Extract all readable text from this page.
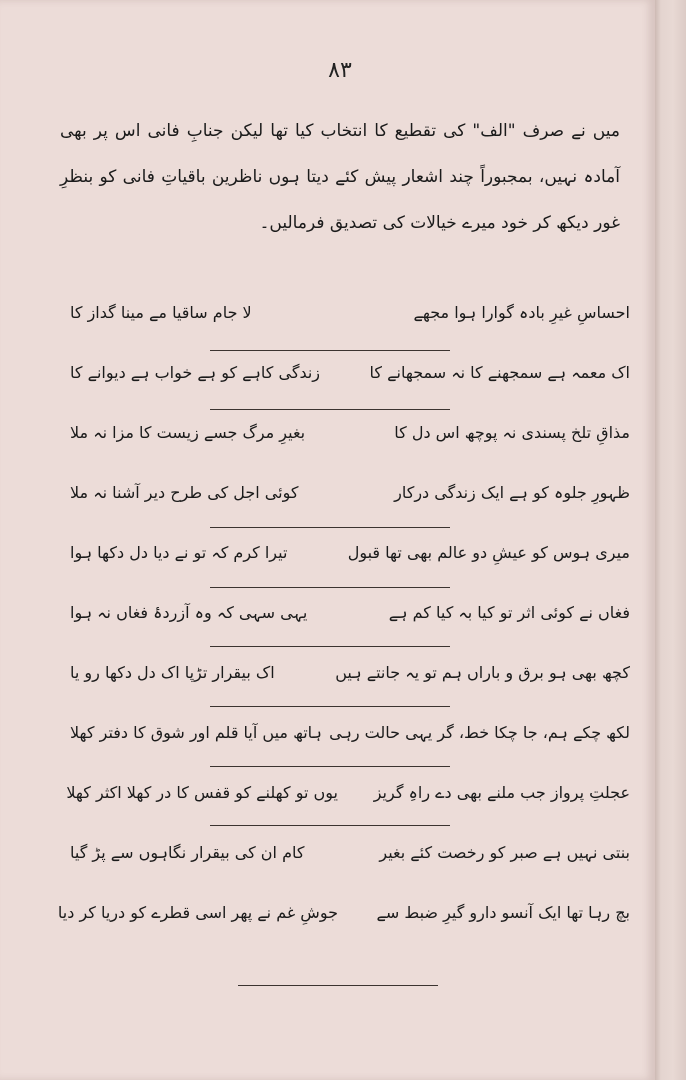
۸۳

میں نے صرف "الف" کی تقطیع کا انتخاب کیا تھا لیکن جنابِ فانی اس پر بھی آمادہ نہیں، بمجبوراً چند اشعار پیش کئے دیتا ہوں ناظرین باقیاتِ فانی کو بنظرِ غور دیکھ کر خود میرے خیالات کی تصدیق فرمالیں۔

احساسِ غیرِ بادہ گوارا ہوا مجھے
لا جام ساقیا مے مینا گداز کا
اک معمہ ہے سمجھنے کا نہ سمجھانے کا
زندگی کاہے کو ہے خواب ہے دیوانے کا
مذاقِ تلخ پسندی نہ پوچھ اس دل کا
بغیرِ مرگ جسے زیست کا مزا نہ ملا
ظہورِ جلوہ کو ہے ایک زندگی درکار
کوئی اجل کی طرح دیر آشنا نہ ملا
میری ہوس کو عیشِ دو عالم بھی تھا قبول
تیرا کرم کہ تو نے دیا دل دکھا ہوا
فغاں نے کوئی اثر تو کیا بہ کیا کم ہے
یہی سہی کہ وہ آزردۂ فغاں نہ ہوا
کچھ بھی ہو برق و باراں ہم تو یہ جانتے ہیں
اک بیقرار تڑپا اک دل دکھا رو یا
لکھ چکے ہم، جا چکا خط، گر یہی حالت رہی
ہاتھ میں آیا قلم اور شوق کا دفتر کھلا
عجلتِ پرواز جب ملنے بھی دے راہِ گریز
یوں تو کھلنے کو قفس کا در کھلا اکثر کھلا
بنتی نہیں ہے صبر کو رخصت کئے بغیر
کام ان کی بیقرار نگاہوں سے پڑ گیا
بچ رہا تھا ایک آنسو دارو گیرِ ضبط سے
جوشِ غم نے پھر اسی قطرے کو دریا کر دیا
